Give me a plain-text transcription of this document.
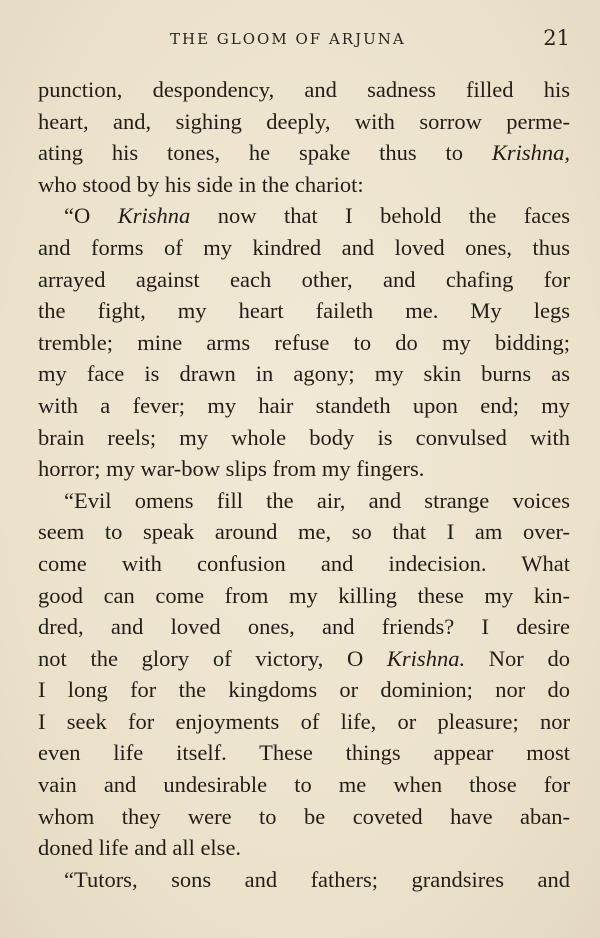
THE GLOOM OF ARJUNA	21
punction, despondency, and sadness filled his
heart, and, sighing deeply, with sorrow perme-
ating his tones, he spake thus to Krishna,
who stood by his side in the chariot:
“O Krishna now that I behold the faces
and forms of my kindred and loved ones, thus
arrayed against each other, and chafing for
the fight, my heart faileth me. My legs
tremble; mine arms refuse to do my bidding;
my face is drawn in agony; my skin burns as
with a fever; my hair standeth upon end; my
brain reels; my whole body is convulsed with
horror; my war-bow slips from my fingers.
“Evil omens fill the air, and strange voices
seem to speak around me, so that I am over-
come with confusion and indecision. What
good can come from my killing these my kin-
dred, and loved ones, and friends? I desire
not the glory of victory, O Krishna. Nor do
I long for the kingdoms or dominion; nor do
I seek for enjoyments of life, or pleasure; nor
even life itself. These things appear most
vain and undesirable to me when those for
whom they were to be coveted have aban-
doned life and all else.
“Tutors, sons and fathers; grandsires and
